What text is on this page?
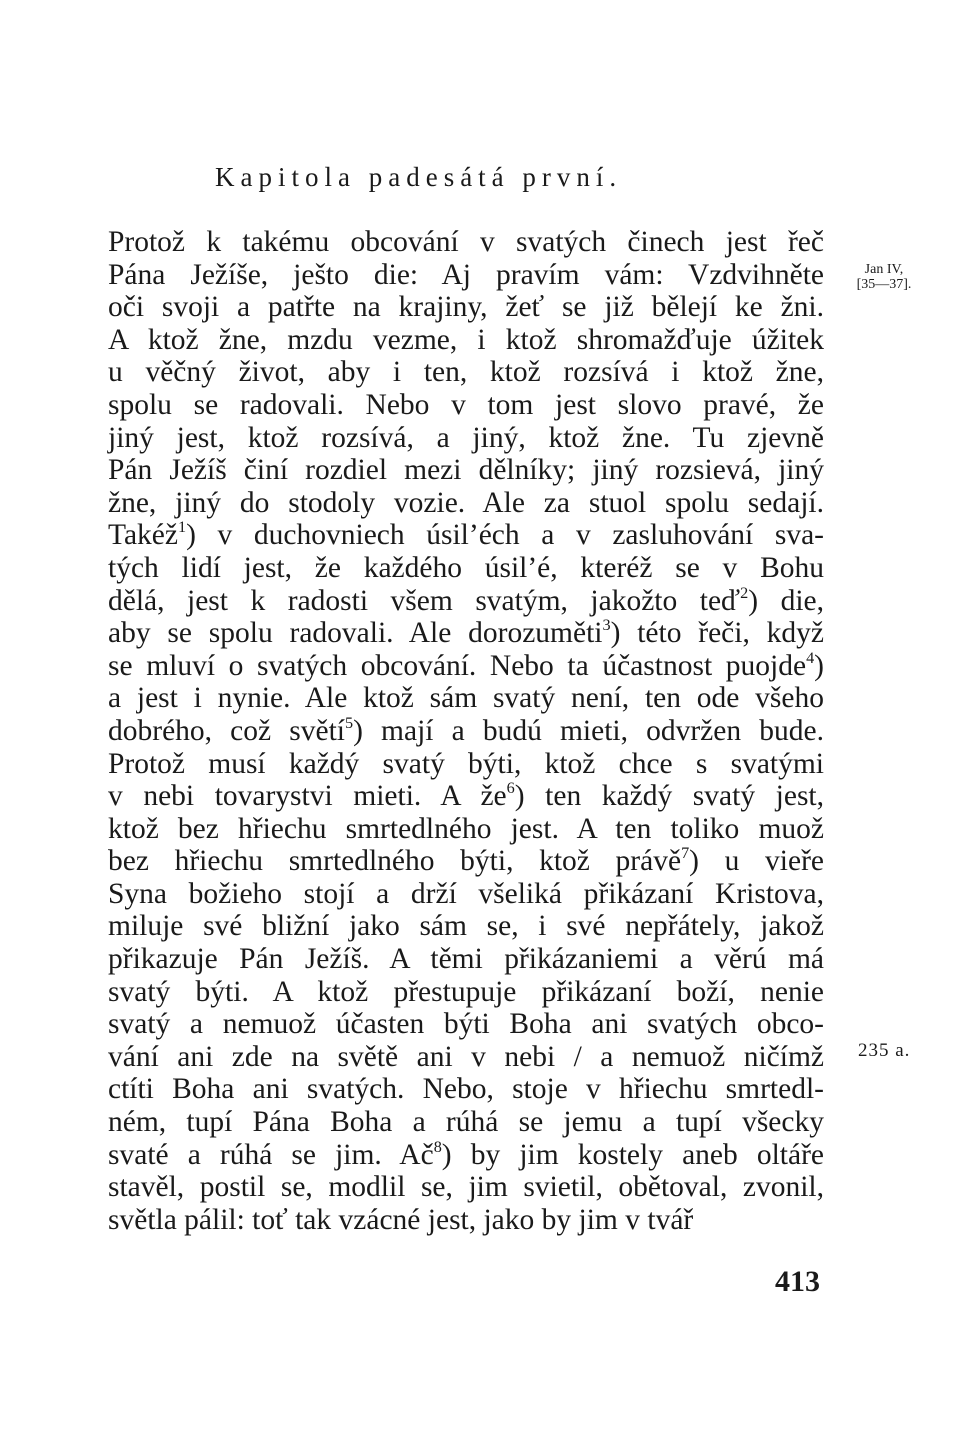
Kapitola padesátá první.
Jan IV,
[35—37].
Protož k takému obcování v svatých činech jest řeč
Pána Ježíše, ješto die: Aj pravím vám: Vzdvihněte
oči svoji a patřte na krajiny, žeť se již bělejí ke žni.
A ktož žne, mzdu vezme, i ktož shromažďuje úžitek
u věčný život, aby i ten, ktož rozsívá i ktož žne,
spolu se radovali. Nebo v tom jest slovo pravé, že
jiný jest, ktož rozsívá, a jiný, ktož žne. Tu zjevně
Pán Ježíš činí rozdiel mezi dělníky; jiný rozsievá, jiný
žne, jiný do stodoly vozie. Ale za stuol spolu sedají.
Takéž$^1$) v duchovniech úsil’éch a v zasluhování sva-
tých lidí jest, že každého úsil’é, kteréž se v Bohu
dělá, jest k radosti všem svatým, jakožto teď$^2$) die,
aby se spolu radovali. Ale dorozuměti$^3$) této řeči, když
se mluví o svatých obcování. Nebo ta účastnost puojde$^4$)
a jest i nynie. Ale ktož sám svatý není, ten ode všeho
dobrého, což světí$^5$) mají a budú mieti, odvržen bude.
Protož musí každý svatý býti, ktož chce s svatými
v nebi tovarystvi mieti. A $že^6$) ten každý svatý jest,
ktož bez hřiechu smrtedlného jest. A ten toliko muož
bez hřiechu smrtedlného býti, ktož právě$^7$) u vieře
Syna božieho stojí a drží všeliká přikázaní Kristova,
miluje své bližní jako sám se, i své nepřátely, jakož
přikazuje Pán Ježíš. A těmi přikázaniemi a věrú má
svatý býti. A ktož přestupuje přikázaní boží, nenie
svatý a nemuož účasten býti Boha ani svatých obco-
vání ani zde na světě ani v nebi / a nemuož ničímž
ctíti Boha ani svatých. Nebo, stoje v hřiechu smrtedl-
ném, tupí Pána Boha a rúhá se jemu a tupí všecky
svaté a rúhá se jim. $Ač^8$) by jim kostely aneb oltáře
stavěl, postil se, modlil se, jim svietil, obětoval, zvonil,
světla pálil: toť tak vzácné jest, jako by jim v tvář
235 a.
413
